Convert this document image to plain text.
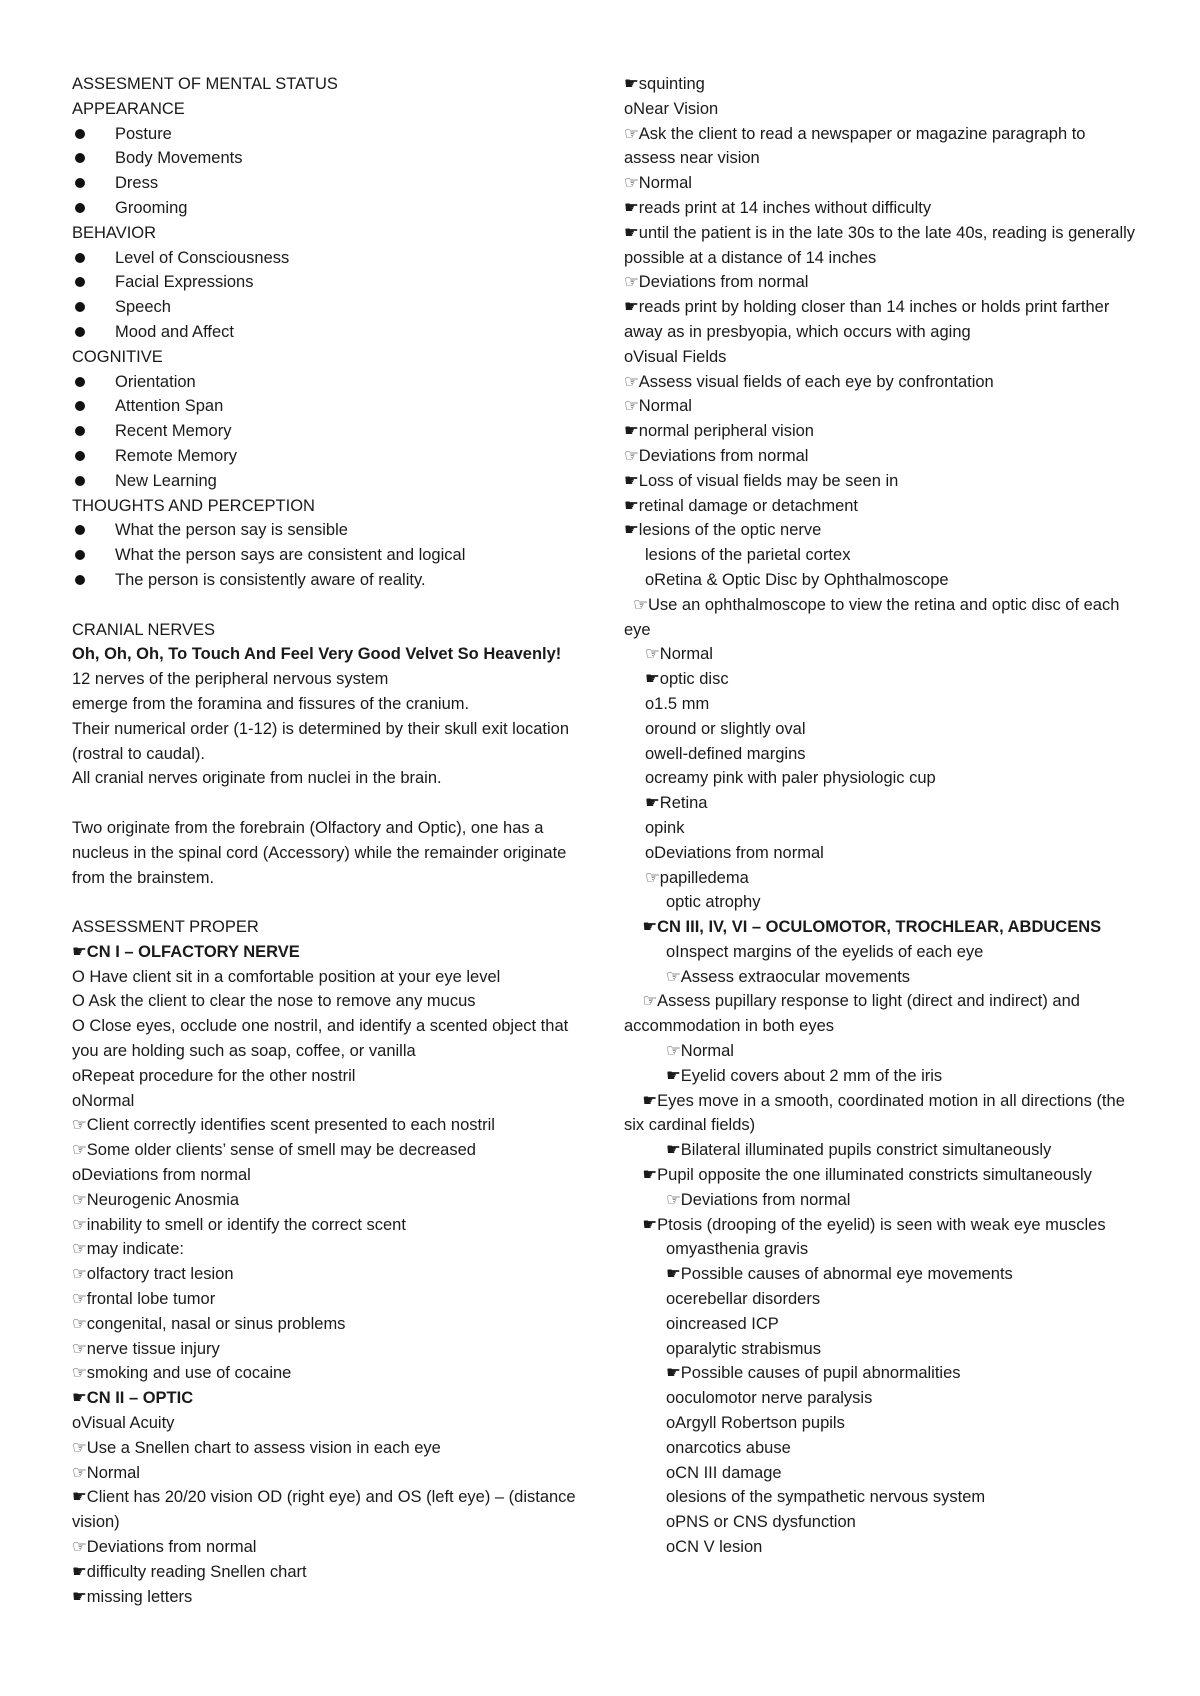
ASSESMENT OF MENTAL STATUS
APPEARANCE
Posture
Body Movements
Dress
Grooming
BEHAVIOR
Level of Consciousness
Facial Expressions
Speech
Mood and Affect
COGNITIVE
Orientation
Attention Span
Recent Memory
Remote Memory
New Learning
THOUGHTS AND PERCEPTION
What the person say is sensible
What the person says are consistent and logical
The person is consistently aware of reality.
CRANIAL NERVES
Oh, Oh, Oh, To Touch And Feel Very Good Velvet So Heavenly!
12 nerves of the peripheral nervous system
emerge from the foramina and fissures of the cranium.
Their numerical order (1-12) is determined by their skull exit location (rostral to caudal).
All cranial nerves originate from nuclei in the brain.
Two originate from the forebrain (Olfactory and Optic), one has a nucleus in the spinal cord (Accessory) while the remainder originate from the brainstem.
ASSESSMENT PROPER
☛CN I – OLFACTORY NERVE
O Have client sit in a comfortable position at your eye level
O Ask the client to clear the nose to remove any mucus
O Close eyes, occlude one nostril, and identify a scented object that you are holding such as soap, coffee, or vanilla
oRepeat procedure for the other nostril
oNormal
☞Client correctly identifies scent presented to each nostril
☞Some older clients’ sense of smell may be decreased
oDeviations from normal
☞Neurogenic Anosmia
☞inability to smell or identify the correct scent
☞may indicate:
☞olfactory tract lesion
☞frontal lobe tumor
☞congenital, nasal or sinus problems
☞nerve tissue injury
☞smoking and use of cocaine
☛CN II – OPTIC
oVisual Acuity
☞Use a Snellen chart to assess vision in each eye
☞Normal
☛Client has 20/20 vision OD (right eye) and OS (left eye) – (distance vision)
☞Deviations from normal
☛difficulty reading Snellen chart
☛missing letters
☛squinting
oNear Vision
☞Ask the client to read a newspaper or magazine paragraph to assess near vision
☞Normal
☛reads print at 14 inches without difficulty
☛until the patient is in the late 30s to the late 40s, reading is generally possible at a distance of 14 inches
☞Deviations from normal
☛reads print by holding closer than 14 inches or holds print farther away as in presbyopia, which occurs with aging
oVisual Fields
☞Assess visual fields of each eye by confrontation
☞Normal
☛normal peripheral vision
☞Deviations from normal
☛Loss of visual fields may be seen in
☛retinal damage or detachment
☛lesions of the optic nerve
lesions of the parietal cortex
oRetina & Optic Disc by Ophthalmoscope
☞Use an ophthalmoscope to view the retina and optic disc of each eye
☞Normal
☛optic disc
o1.5 mm
oround or slightly oval
owell-defined margins
ocreamy pink with paler physiologic cup
☛Retina
opink
oDeviations from normal
☞papilledema
optic atrophy
☛CN III, IV, VI – OCULOMOTOR, TROCHLEAR, ABDUCENS
oInspect margins of the eyelids of each eye
☞Assess extraocular movements
☞Assess pupillary response to light (direct and indirect) and accommodation in both eyes
☞Normal
☛Eyelid covers about 2 mm of the iris
☛Eyes move in a smooth, coordinated motion in all directions (the six cardinal fields)
☛Bilateral illuminated pupils constrict simultaneously
☛Pupil opposite the one illuminated constricts simultaneously
☞Deviations from normal
☛Ptosis (drooping of the eyelid) is seen with weak eye muscles
omyasthenia gravis
☛Possible causes of abnormal eye movements
ocerebellar disorders
oincreased ICP
oparalytic strabismus
☛Possible causes of pupil abnormalities
ooculomotor nerve paralysis
oArgyll Robertson pupils
onarcotics abuse
oCN III damage
olesions of the sympathetic nervous system
oPNS or CNS dysfunction
oCN V lesion
